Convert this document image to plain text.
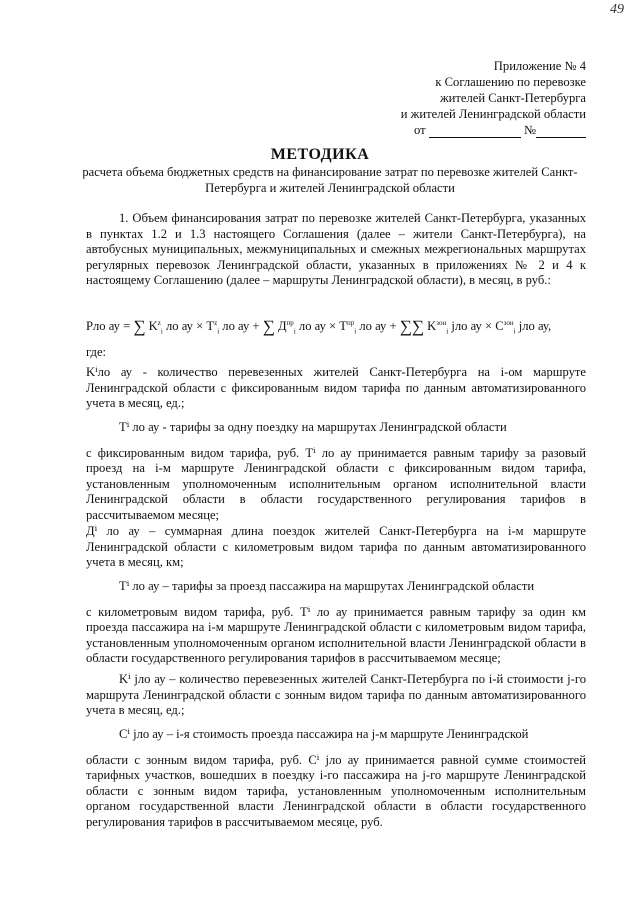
49
Приложение № 4
к Соглашению по перевозке
жителей Санкт-Петербурга
и жителей Ленинградской области
от	№
МЕТОДИКА
расчета объема бюджетных средств на финансирование затрат по перевозке жителей Санкт-Петербурга и жителей Ленинградской области

1. Объем финансирования затрат по перевозке жителей Санкт-Петербурга, указанных в пунктах 1.2 и 1.3 настоящего Соглашения (далее – жители Санкт-Петербурга), на автобусных муниципальных, межмуниципальных и смежных межрегиональных маршрутах регулярных перевозок Ленинградской области, указанных в приложениях № 2 и 4 к настоящему Соглашению (далее – маршруты Ленинградской области), в месяц, в руб.:

Рло ау = ∑ $K^z_i$ ло ау × $T^z_i$ ло ау + ∑ $Д^{пр}_i$ ло ау × $T^{пр}_i$ ло ау + ∑∑ $K^{зон}_i$ jло ау × $C^{зон}_i$ jло ау,
где:

Kⁱло ау - количество перевезенных жителей Санкт-Петербурга на i-ом маршруте Ленинградской области с фиксированным видом тарифа по данным автоматизированного учета в месяц, ед.;

Tⁱ ло ау - тарифы за одну поездку на маршрутах Ленинградской области

с фиксированным видом тарифа, руб. Tⁱ ло ау принимается равным тарифу за разовый проезд на i-м маршруте Ленинградской области с фиксированным видом тарифа, установленным уполномоченным исполнительным органом исполнительной власти Ленинградской области в области государственного регулирования тарифов в рассчитываемом месяце;

Дⁱ ло ау – суммарная длина поездок жителей Санкт-Петербурга на i-м маршруте Ленинградской области с километровым видом тарифа по данным автоматизированного учета в месяц, км;

Tⁱ ло ау – тарифы за проезд пассажира на маршрутах Ленинградской области

с километровым видом тарифа, руб. Tⁱ ло ау принимается равным тарифу за один км проезда пассажира на i-м маршруте Ленинградской области с километровым видом тарифа, установленным уполномоченным органом исполнительной власти Ленинградской области в области государственного регулирования тарифов в рассчитываемом месяце;

Kⁱ jло ау – количество перевезенных жителей Санкт-Петербурга по i-й стоимости j-го маршрута Ленинградской области с зонным видом тарифа по данным автоматизированного учета в месяц, ед.;

Cⁱ jло ау – i-я стоимость проезда пассажира на j-м маршруте Ленинградской

области с зонным видом тарифа, руб. Cⁱ jло ау принимается равной сумме стоимостей тарифных участков, вошедших в поездку i-го пассажира на j-го маршруте Ленинградской области с зонным видом тарифа, установленным уполномоченным исполнительным органом государственной власти Ленинградской области в области государственного регулирования тарифов в рассчитываемом месяце, руб.
